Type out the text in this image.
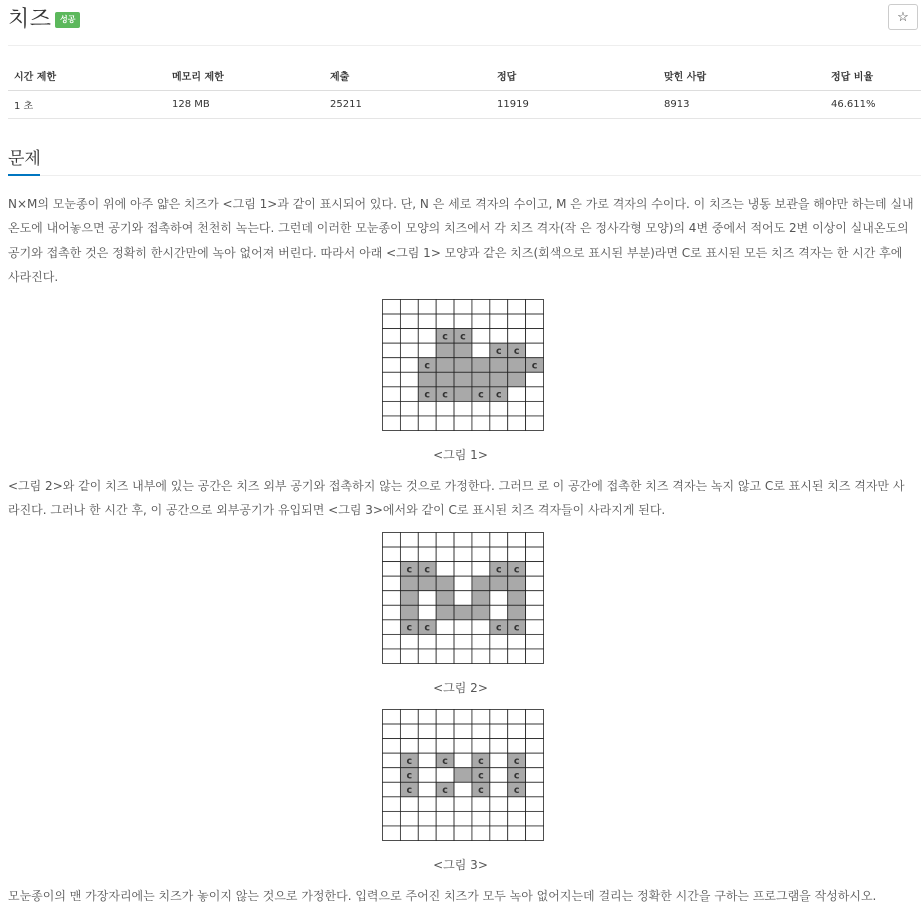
치즈	성공	☆
시간 제한	메모리 제한	제출	정답	맞힌 사람	정답 비율
1 초	128 MB	25211	11919	8913	46.611%
문제

N×M의 모눈종이 위에 아주 얇은 치즈가 <그림 1>과 같이 표시되어 있다. 단, N 은 세로 격자의 수이고, M 은 가로 격자의 수이다. 이 치즈는 냉동 보관을 해야만 하는데 실내온도에 내어놓으면 공기와 접촉하여 천천히 녹는다. 그런데 이러한 모눈종이 모양의 치즈에서 각 치즈 격자(작 은 정사각형 모양)의 4변 중에서 적어도 2변 이상이 실내온도의 공기와 접촉한 것은 정확히 한시간만에 녹아 없어져 버린다. 따라서 아래 <그림 1> 모양과 같은 치즈(회색으로 표시된 부분)라면 C로 표시된 모든 치즈 격자는 한 시간 후에 사라진다.

c c
c c
c	c
c c	c c
<그림 1>

<그림 2>와 같이 치즈 내부에 있는 공간은 치즈 외부 공기와 접촉하지 않는 것으로 가정한다. 그러므 로 이 공간에 접촉한 치즈 격자는 녹지 않고 C로 표시된 치즈 격자만 사라진다. 그러나 한 시간 후, 이 공간으로 외부공기가 유입되면 <그림 3>에서와 같이 C로 표시된 치즈 격자들이 사라지게 된다.

c c	c c
c c	c c
<그림 2>
c	c	c	c
c	c	c
c	c	c	c
<그림 3>

모눈종이의 맨 가장자리에는 치즈가 놓이지 않는 것으로 가정한다. 입력으로 주어진 치즈가 모두 녹아 없어지는데 걸리는 정확한 시간을 구하는 프로그램을 작성하시오.
